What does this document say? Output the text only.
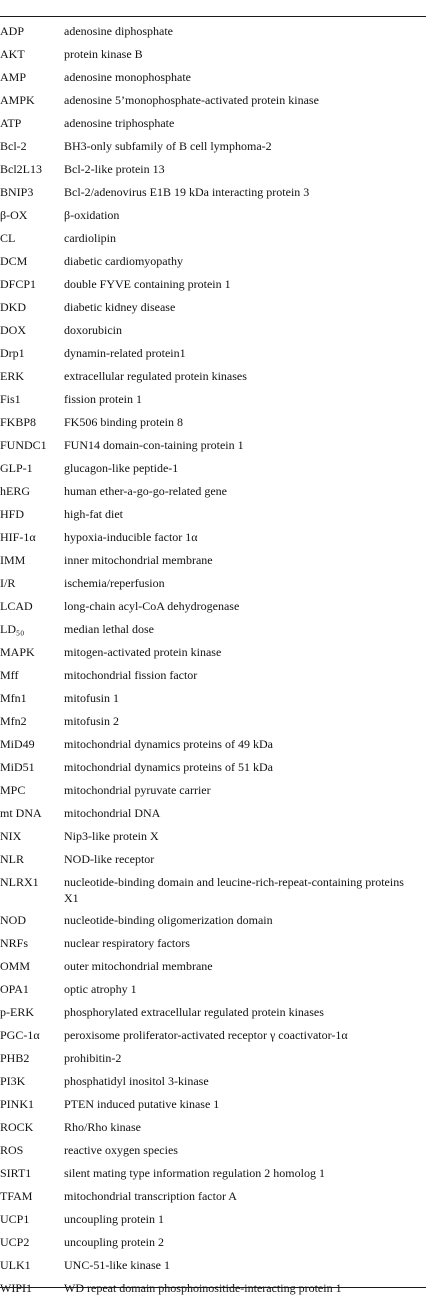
ADP	adenosine diphosphate
AKT	protein kinase B
AMP	adenosine monophosphate
AMPK	adenosine 5’monophosphate-activated protein kinase
ATP	adenosine triphosphate
Bcl-2	BH3-only subfamily of B cell lymphoma-2
Bcl2L13	Bcl-2-like protein 13
BNIP3	Bcl-2/adenovirus E1B 19 kDa interacting protein 3
β-OX	β-oxidation
CL	cardiolipin
DCM	diabetic cardiomyopathy
DFCP1	double FYVE containing protein 1
DKD	diabetic kidney disease
DOX	doxorubicin
Drp1	dynamin-related protein1
ERK	extracellular regulated protein kinases
Fis1	fission protein 1
FKBP8	FK506 binding protein 8
FUNDC1	FUN14 domain-con-taining protein 1
GLP-1	glucagon-like peptide-1
hERG	human ether-a-go-go-related gene
HFD	high-fat diet
HIF-1α	hypoxia-inducible factor 1α
IMM	inner mitochondrial membrane
I/R	ischemia/reperfusion
LCAD	long-chain acyl-CoA dehydrogenase
LD₅₀	median lethal dose
MAPK	mitogen-activated protein kinase
Mff	mitochondrial fission factor
Mfn1	mitofusin 1
Mfn2	mitofusin 2
MiD49	mitochondrial dynamics proteins of 49 kDa
MiD51	mitochondrial dynamics proteins of 51 kDa
MPC	mitochondrial pyruvate carrier
mt DNA	mitochondrial DNA
NIX	Nip3-like protein X
NLR	NOD-like receptor
NLRX1	nucleotide-binding domain and leucine-rich-repeat-containing proteins X1
NOD	nucleotide-binding oligomerization domain
NRFs	nuclear respiratory factors
OMM	outer mitochondrial membrane
OPA1	optic atrophy 1
p-ERK	phosphorylated extracellular regulated protein kinases
PGC-1α	peroxisome proliferator-activated receptor γ coactivator-1α
PHB2	prohibitin-2
PI3K	phosphatidyl inositol 3-kinase
PINK1	PTEN induced putative kinase 1
ROCK	Rho/Rho kinase
ROS	reactive oxygen species
SIRT1	silent mating type information regulation 2 homolog 1
TFAM	mitochondrial transcription factor A
UCP1	uncoupling protein 1
UCP2	uncoupling protein 2
ULK1	UNC-51-like kinase 1
WIPI1	WD repeat domain phosphoinositide-interacting protein 1
